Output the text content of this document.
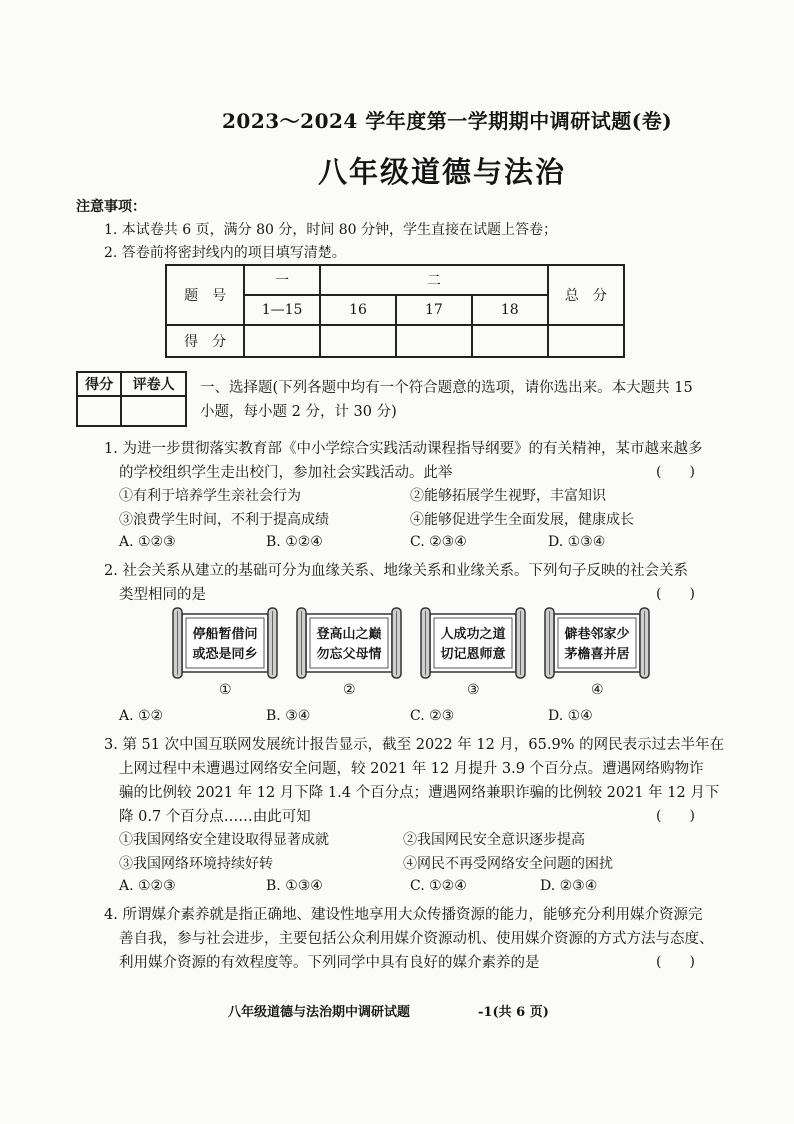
2023～2024 学年度第一学期期中调研试题(卷)
八年级道德与法治
注意事项：
1. 本试卷共 6 页，满分 80 分，时间 80 分钟，学生直接在试题上答卷；
2. 答卷前将密封线内的项目填写清楚。
题　号	一	二			总　分
	1—15	16	17	18	
得　分					
得分	评卷人
	一、选择题(下列各题中均有一个符合题意的选项，请你选出来。本大题共 15
小题，每小题 2 分，计 30 分)
1. 为进一步贯彻落实教育部《中小学综合实践活动课程指导纲要》的有关精神，某市越来越多
的学校组织学生走出校门，参加社会实践活动。此举	(　　)
①有利于培养学生亲社会行为	②能够拓展学生视野，丰富知识
③浪费学生时间，不利于提高成绩	④能够促进学生全面发展，健康成长
A. ①②③	B. ①②④	C. ②③④	D. ①③④
2. 社会关系从建立的基础可分为血缘关系、地缘关系和业缘关系。下列句子反映的社会关系
类型相同的是	(　　)
停船暂借问或恐是同乡
①
登高山之巅勿忘父母情
②
人成功之道切记恩师意
③
僻巷邻家少茅檐喜并居
④
A. ①②	B. ③④	C. ②③	D. ①④
3. 第 51 次中国互联网发展统计报告显示，截至 2022 年 12 月，65.9% 的网民表示过去半年在
上网过程中未遭遇过网络安全问题，较 2021 年 12 月提升 3.9 个百分点。遭遇网络购物诈
骗的比例较 2021 年 12 月下降 1.4 个百分点；遭遇网络兼职诈骗的比例较 2021 年 12 月下
降 0.7 个百分点……由此可知	(　　)
①我国网络安全建设取得显著成就	②我国网民安全意识逐步提高
③我国网络环境持续好转	④网民不再受网络安全问题的困扰
A. ①②③	B. ①③④	C. ①②④	D. ②③④
4. 所谓媒介素养就是指正确地、建设性地享用大众传播资源的能力，能够充分利用媒介资源完
善自我，参与社会进步，主要包括公众利用媒介资源动机、使用媒介资源的方式方法与态度、
利用媒介资源的有效程度等。下列同学中具有良好的媒介素养的是	(　　)
八年级道德与法治期中调研试题	-1(共 6 页)
